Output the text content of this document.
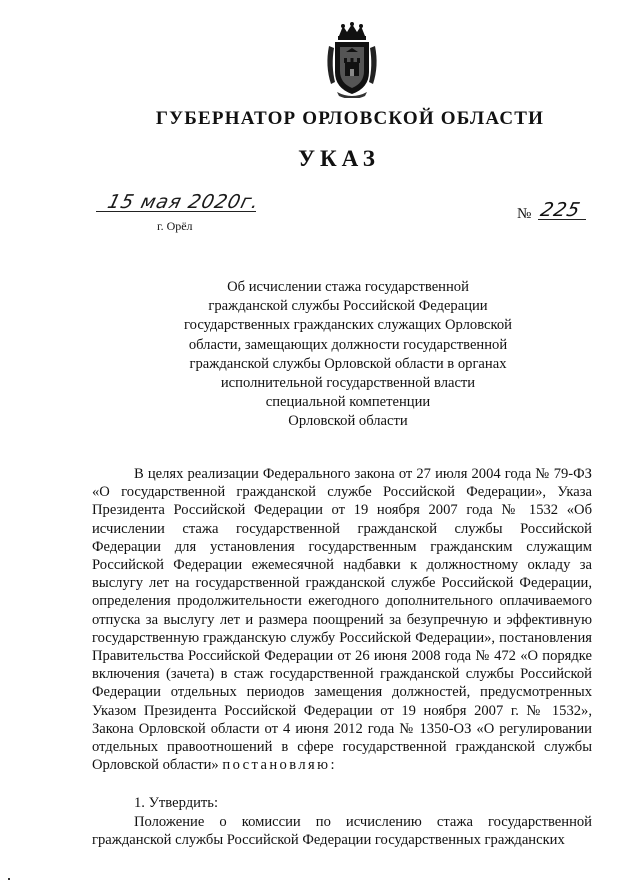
ГУБЕРНАТОР ОРЛОВСКОЙ ОБЛАСТИ
УКАЗ
15 мая 2020г.
г. Орёл
№ 225
Об исчислении стажа государственной
гражданской службы Российской Федерации
государственных гражданских служащих Орловской
области, замещающих должности государственной
гражданской службы Орловской области в органах
исполнительной государственной власти
специальной компетенции
Орловской области

В целях реализации Федерального закона от 27 июля 2004 года № 79-ФЗ «О государственной гражданской службе Российской Федерации», Указа Президента Российской Федерации от 19 ноября 2007 года № 1532 «Об исчислении стажа государственной гражданской службы Российской Федерации для установления государственным гражданским служащим Российской Федерации ежемесячной надбавки к должностному окладу за выслугу лет на государственной гражданской службе Российской Федерации, определения продолжительности ежегодного дополнительного оплачиваемого отпуска за выслугу лет и размера поощрений за безупречную и эффективную государственную гражданскую службу Российской Федерации», постановления Правительства Российской Федерации от 26 июня 2008 года № 472 «О порядке включения (зачета) в стаж государственной гражданской службы Российской Федерации отдельных периодов замещения должностей, предусмотренных Указом Президента Российской Федерации от 19 ноября 2007 г. № 1532», Закона Орловской области от 4 июня 2012 года № 1350-ОЗ «О регулировании отдельных правоотношений в сфере государственной гражданской службы Орловской области» постановляю:

1. Утвердить:

Положение о комиссии по исчислению стажа государственной гражданской службы Российской Федерации государственных гражданских
